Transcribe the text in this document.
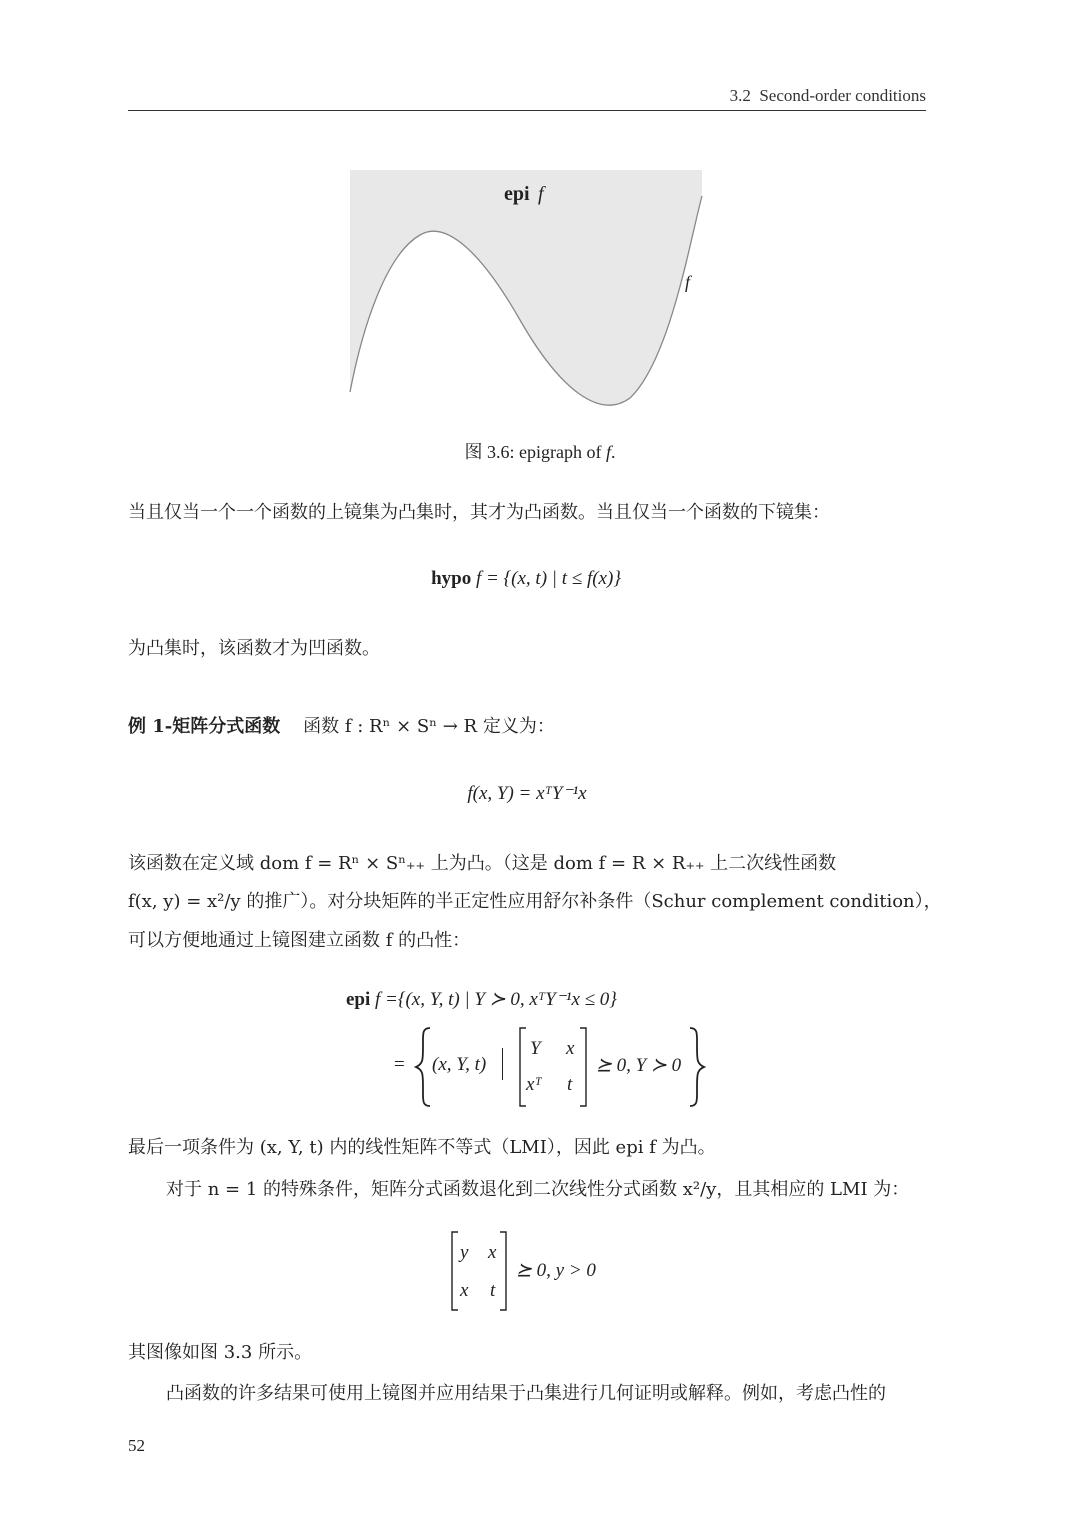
3.2 Second-order conditions
epi f
f
图 3.6: epigraph of f.
当且仅当一个一个函数的上镜集为凸集时，其才为凸函数。当且仅当一个函数的下镜集：
hypo f = {(x, t) | t ≤ f(x)}
为凸集时，该函数才为凹函数。
例 1-矩阵分式函数 函数 f : Rⁿ × Sⁿ → R 定义为：
f(x, Y) = xᵀY⁻¹x
该函数在定义域 dom f = Rⁿ × Sⁿ₊₊ 上为凸。（这是 dom f = R × R₊₊ 上二次线性函数
f(x, y) = x²/y 的推广）。对分块矩阵的半正定性应用舒尔补条件（Schur complement condition），
可以方便地通过上镜图建立函数 f 的凸性：
epi f ={(x, Y, t) | Y ≻ 0, xᵀY⁻¹x ≤ 0}
= (x, Y, t)
Y x
xᵀ t
⪰ 0, Y ≻ 0
最后一项条件为 (x, Y, t) 内的线性矩阵不等式（LMI），因此 epi f 为凸。
对于 n = 1 的特殊条件，矩阵分式函数退化到二次线性分式函数 x²/y，且其相应的 LMI 为：
y x
x t
⪰ 0, y > 0
其图像如图 3.3 所示。
凸函数的许多结果可使用上镜图并应用结果于凸集进行几何证明或解释。例如，考虑凸性的
52
